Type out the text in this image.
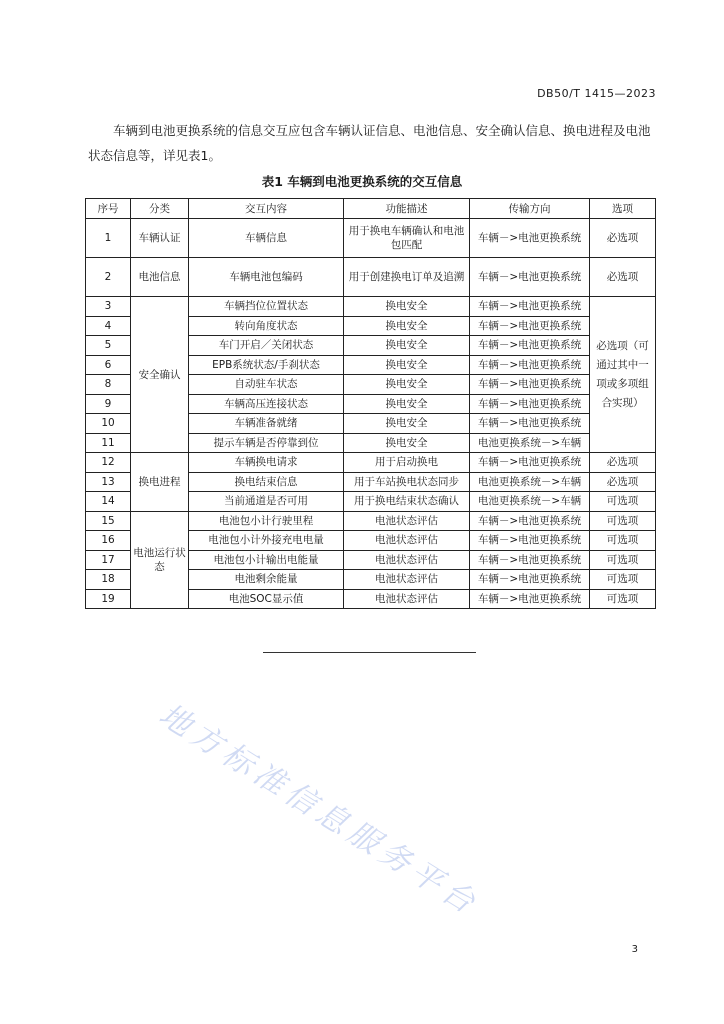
DB50/T 1415—2023
车辆到电池更换系统的信息交互应包含车辆认证信息、电池信息、安全确认信息、换电进程及电池状态信息等，详见表1。
表1 车辆到电池更换系统的交互信息
序号	分类	交互内容	功能描述	传输方向	选项
1	车辆认证	车辆信息	用于换电车辆确认和电池包匹配	车辆－>电池更换系统	必选项
2	电池信息	车辆电池包编码	用于创建换电订单及追溯	车辆－>电池更换系统	必选项
3	安全确认	车辆挡位位置状态	换电安全	车辆－>电池更换系统	必选项（可通过其中一项或多项组合实现）
4		转向角度状态	换电安全	车辆－>电池更换系统	
5		车门开启／关闭状态	换电安全	车辆－>电池更换系统	
6		EPB系统状态/手刹状态	换电安全	车辆－>电池更换系统	
8		自动驻车状态	换电安全	车辆－>电池更换系统	
9		车辆高压连接状态	换电安全	车辆－>电池更换系统	
10		车辆准备就绪	换电安全	车辆－>电池更换系统	
11		提示车辆是否停靠到位	换电安全	电池更换系统－>车辆	
12	换电进程	车辆换电请求	用于启动换电	车辆－>电池更换系统	必选项
13		换电结束信息	用于车站换电状态同步	电池更换系统－>车辆	必选项
14		当前通道是否可用	用于换电结束状态确认	电池更换系统－>车辆	可选项
15	电池运行状态	电池包小计行驶里程	电池状态评估	车辆－>电池更换系统	可选项
16		电池包小计外接充电电量	电池状态评估	车辆－>电池更换系统	可选项
17		电池包小计输出电能量	电池状态评估	车辆－>电池更换系统	可选项
18		电池剩余能量	电池状态评估	车辆－>电池更换系统	可选项
19		电池SOC显示值	电池状态评估	车辆－>电池更换系统	可选项
地方标准信息服务平台
3
